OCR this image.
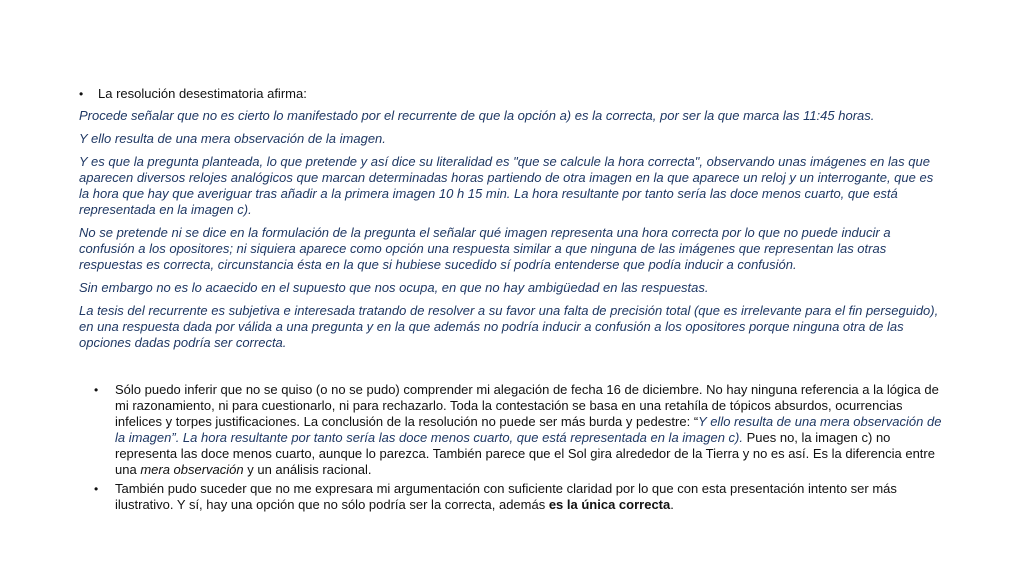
•	La resolución desestimatoria afirma:

Procede señalar que no es cierto lo manifestado por el recurrente de que la opción a) es la correcta, por ser la que marca las 11:45 horas.

Y ello resulta de una mera observación de la imagen.

Y es que la pregunta planteada, lo que pretende y así dice su literalidad es "que se calcule la hora correcta", observando unas imágenes en las que aparecen diversos relojes analógicos que marcan determinadas horas partiendo de otra imagen en la que aparece un reloj y un interrogante, que es la hora que hay que averiguar tras añadir a la primera imagen 10 h 15 min. La hora resultante por tanto sería las doce menos cuarto, que está representada en la imagen c).

No se pretende ni se dice en la formulación de la pregunta el señalar qué imagen representa una hora correcta por lo que no puede inducir a confusión a los opositores; ni siquiera aparece como opción una respuesta similar a que ninguna de las imágenes que representan las otras respuestas es correcta, circunstancia ésta en la que si hubiese sucedido sí podría entenderse que podía inducir a confusión.

Sin embargo no es lo acaecido en el supuesto que nos ocupa, en que no hay ambigüedad en las respuestas.

La tesis del recurrente es subjetiva e interesada tratando de resolver a su favor una falta de precisión total (que es irrelevante para el fin perseguido), en una respuesta dada por válida a una pregunta y en la que además no podría inducir a confusión a los opositores porque ninguna otra de las opciones dadas podría ser correcta.

•	Sólo puedo inferir que no se quiso (o no se pudo) comprender mi alegación de fecha 16 de diciembre. No hay ninguna referencia a la lógica de mi razonamiento, ni para cuestionarlo, ni para rechazarlo. Toda la contestación se basa en una retahíla de tópicos absurdos, ocurrencias infelices y torpes justificaciones. La conclusión de la resolución no puede ser más burda y pedestre: “Y ello resulta de una mera observación de la imagen”. La hora resultante por tanto sería las doce menos cuarto, que está representada en la imagen c). Pues no, la imagen c) no representa las doce menos cuarto, aunque lo parezca. También parece que el Sol gira alrededor de la Tierra y no es así. Es la diferencia entre una mera observación y un análisis racional.
•	También pudo suceder que no me expresara mi argumentación con suficiente claridad por lo que con esta presentación intento ser más ilustrativo. Y sí, hay una opción que no sólo podría ser la correcta, además es la única correcta.
